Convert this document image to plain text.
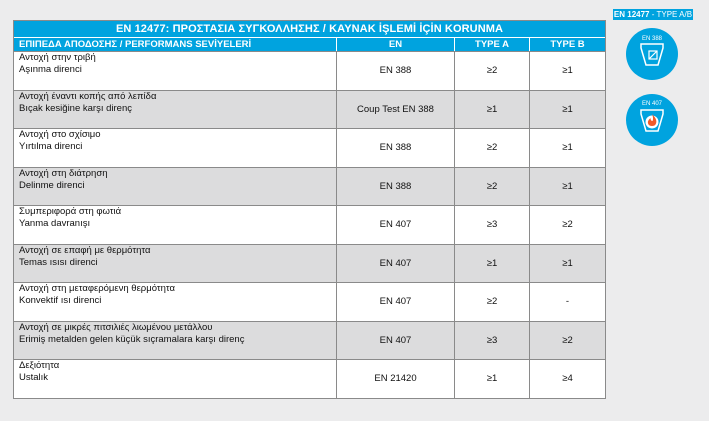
EN 12477: ΠΡΟΣΤΑΣΙΑ ΣΥΓΚΟΛΛΗΣΗΣ / KAYNAK İŞLEMİ İÇİN KORUNMA
ΕΠΙΠΕΔΑ ΑΠΟΔΟΣΗΣ / PERFORMANS SEVİYELERİ	EN	TYPE A	TYPE B
Αντοχή στην τριβή
Aşınma direnci	EN 388	≥2	≥1
Αντοχή έναντι κοπής από λεπίδα
Bıçak kesiğine karşı direnç	Coup Test EN 388	≥1	≥1
Αντοχή στο σχίσιμο
Yırtılma direnci	EN 388	≥2	≥1
Αντοχή στη διάτρηση
Delinme direnci	EN 388	≥2	≥1
Συμπεριφορά στη φωτιά
Yanma davranışı	EN 407	≥3	≥2
Αντοχή σε επαφή με θερμότητα
Temas ısısı direnci	EN 407	≥1	≥1
Αντοχή στη μεταφερόμενη θερμότητα
Konvektif ısı direnci	EN 407	≥2	-
Αντοχή σε μικρές πιτσιλιές λιωμένου μετάλλου
Erimiş metalden gelen küçük sıçramalara karşı direnç	EN 407	≥3	≥2
Δεξιότητα
Ustalık	EN 21420	≥1	≥4
EN 12477 - TYPE A/B
EN 388
EN 407
